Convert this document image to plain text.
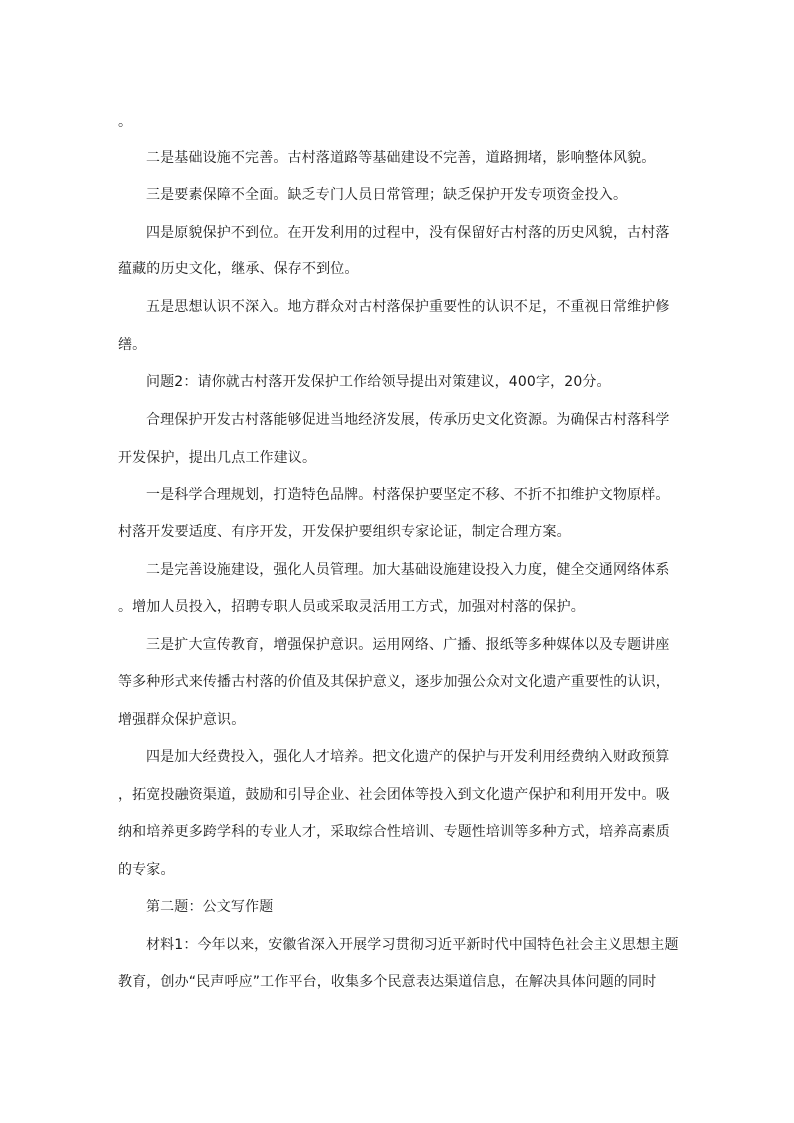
。
二是基础设施不完善。古村落道路等基础建设不完善，道路拥堵，影响整体风貌。
三是要素保障不全面。缺乏专门人员日常管理；缺乏保护开发专项资金投入。
四是原貌保护不到位。在开发利用的过程中，没有保留好古村落的历史风貌，古村落
蕴藏的历史文化，继承、保存不到位。
五是思想认识不深入。地方群众对古村落保护重要性的认识不足，不重视日常维护修
缮。
问题2：请你就古村落开发保护工作给领导提出对策建议，400字，20分。
合理保护开发古村落能够促进当地经济发展，传承历史文化资源。为确保古村落科学
开发保护，提出几点工作建议。
一是科学合理规划，打造特色品牌。村落保护要坚定不移、不折不扣维护文物原样。
村落开发要适度、有序开发，开发保护要组织专家论证，制定合理方案。
二是完善设施建设，强化人员管理。加大基础设施建设投入力度，健全交通网络体系
。增加人员投入，招聘专职人员或采取灵活用工方式，加强对村落的保护。
三是扩大宣传教育，增强保护意识。运用网络、广播、报纸等多种媒体以及专题讲座
等多种形式来传播古村落的价值及其保护意义，逐步加强公众对文化遗产重要性的认识，
增强群众保护意识。
四是加大经费投入，强化人才培养。把文化遗产的保护与开发利用经费纳入财政预算
，拓宽投融资渠道，鼓励和引导企业、社会团体等投入到文化遗产保护和利用开发中。吸
纳和培养更多跨学科的专业人才，采取综合性培训、专题性培训等多种方式，培养高素质
的专家。
第二题：公文写作题
材料1：今年以来，安徽省深入开展学习贯彻习近平新时代中国特色社会主义思想主题
教育，创办“民声呼应”工作平台，收集多个民意表达渠道信息，在解决具体问题的同时
